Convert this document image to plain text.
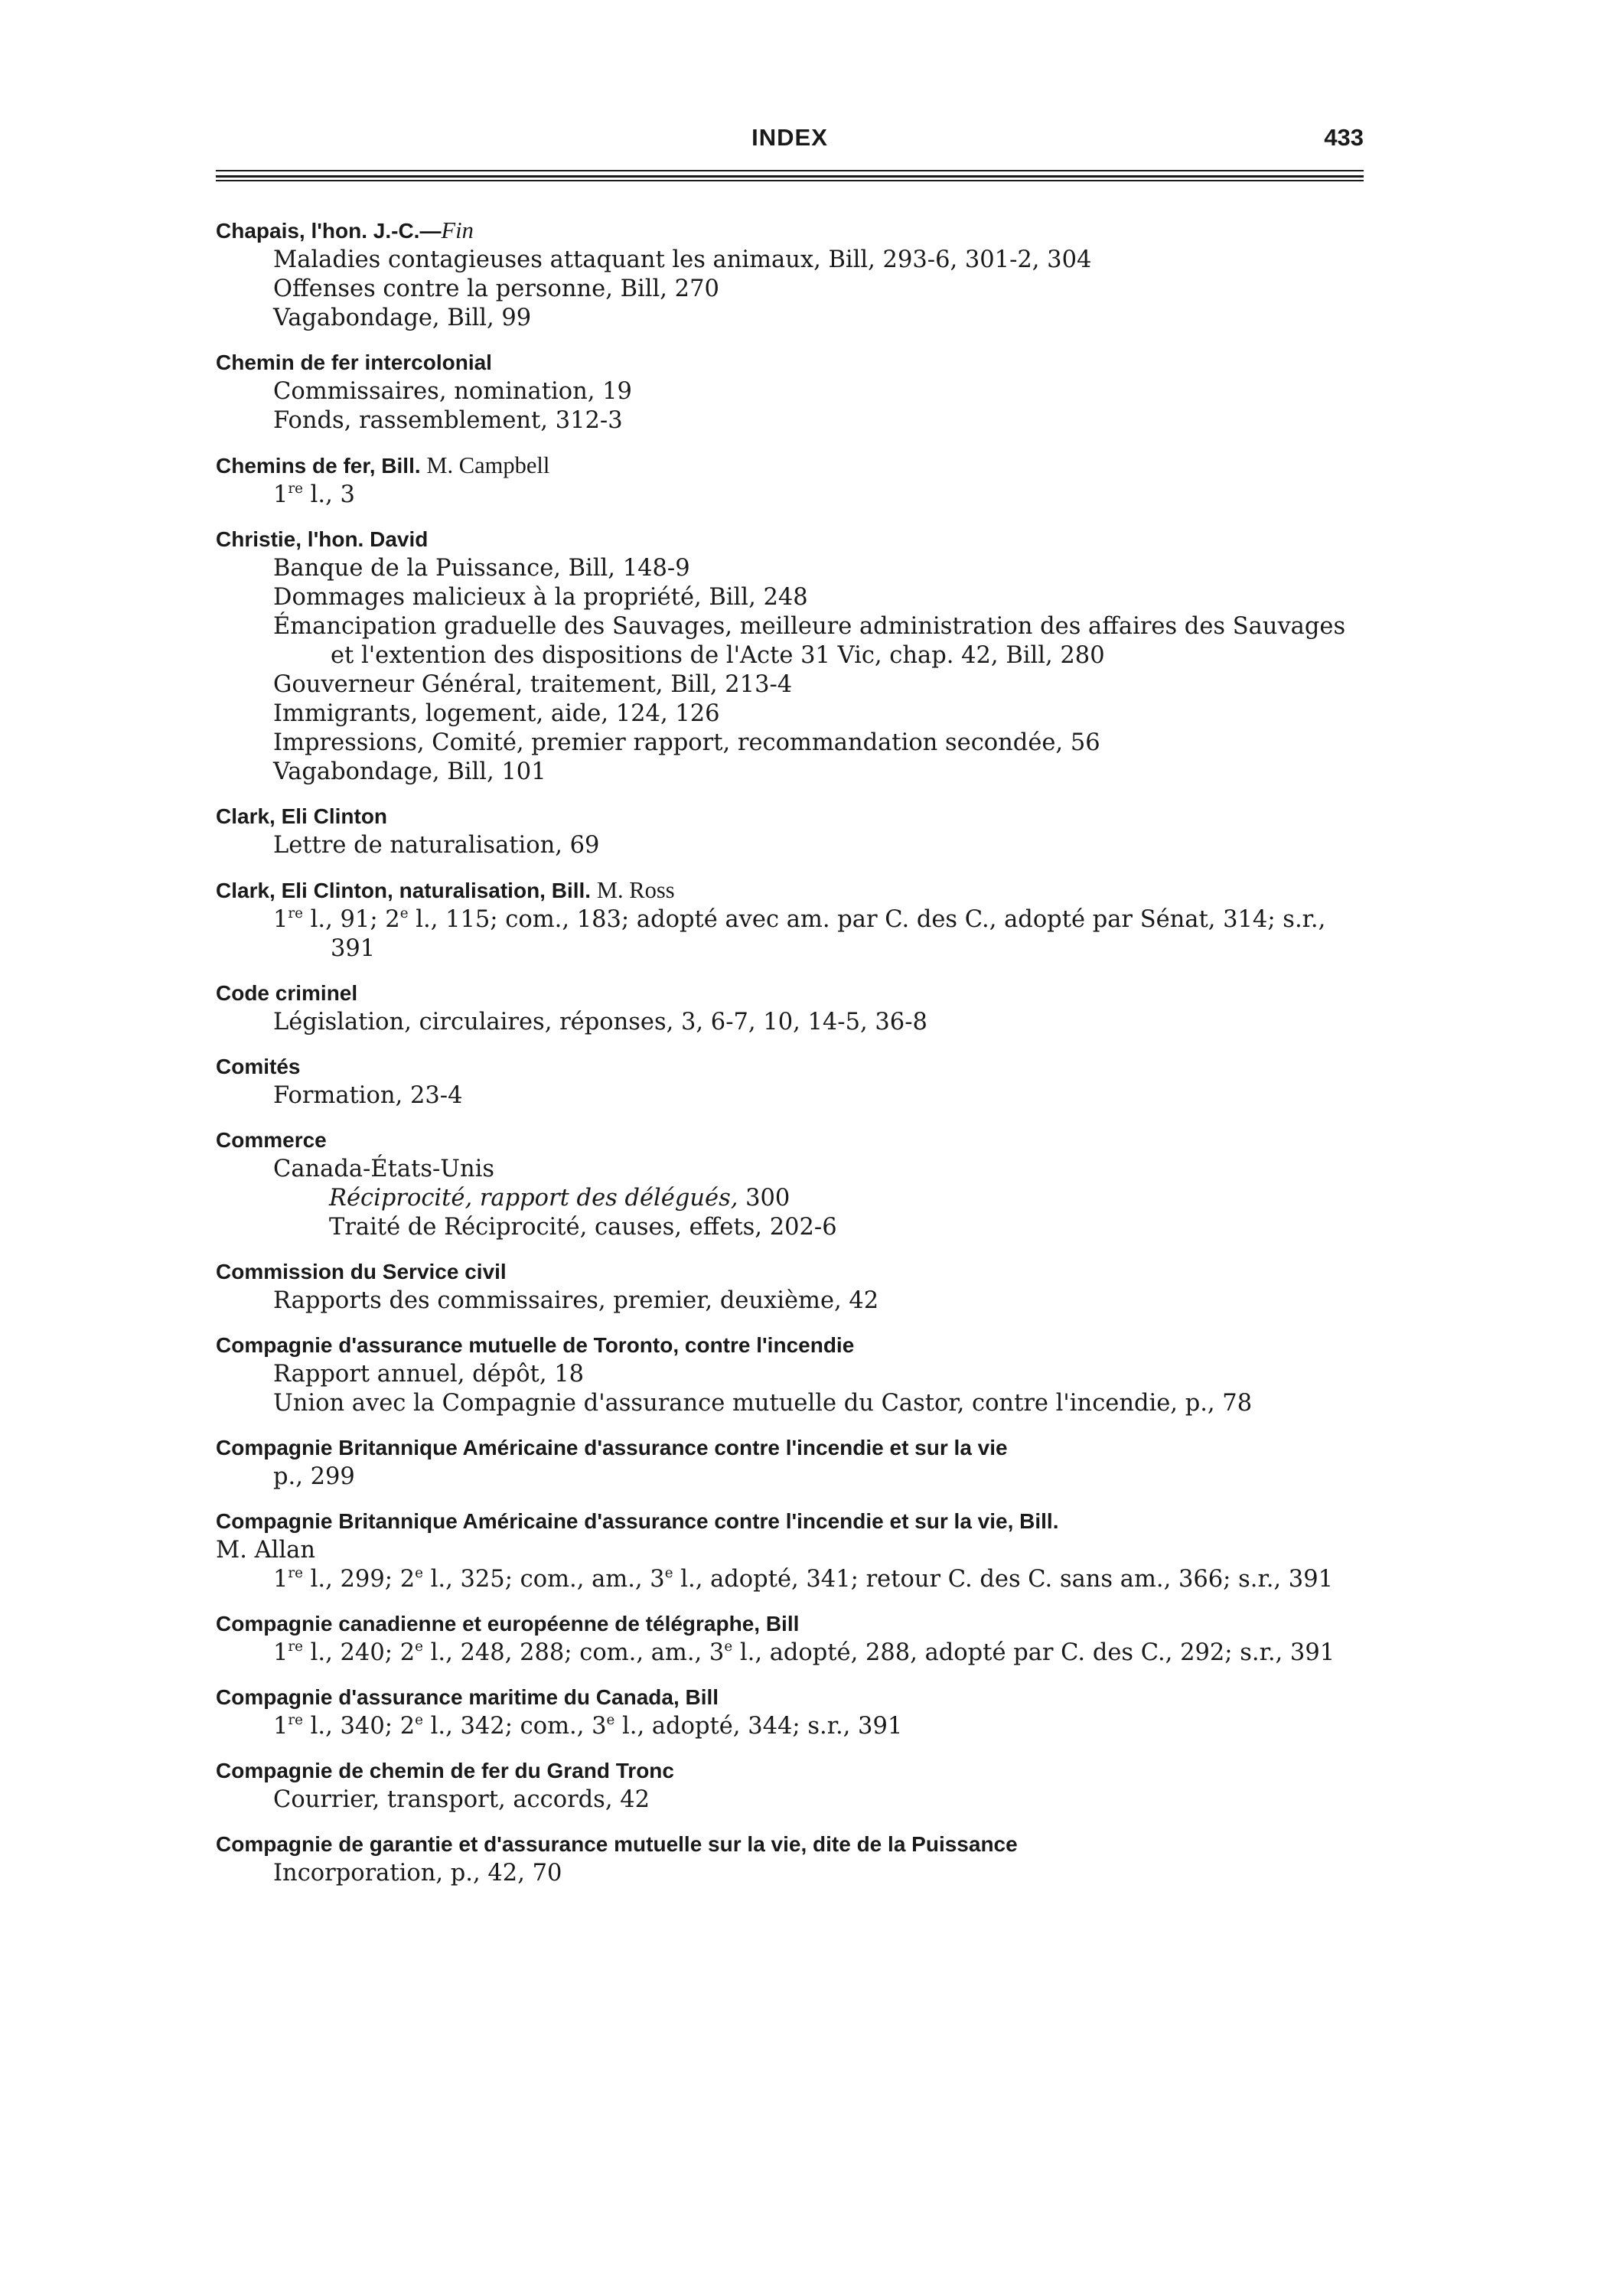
INDEX	433
Chapais, l'hon. J.-C.—Fin
Maladies contagieuses attaquant les animaux, Bill, 293-6, 301-2, 304
Offenses contre la personne, Bill, 270
Vagabondage, Bill, 99
Chemin de fer intercolonial
Commissaires, nomination, 19
Fonds, rassemblement, 312-3
Chemins de fer, Bill. M. Campbell
1re l., 3
Christie, l'hon. David
Banque de la Puissance, Bill, 148-9
Dommages malicieux à la propriété, Bill, 248
Émancipation graduelle des Sauvages, meilleure administration des affaires des Sauvages et l'extention des dispositions de l'Acte 31 Vic, chap. 42, Bill, 280
Gouverneur Général, traitement, Bill, 213-4
Immigrants, logement, aide, 124, 126
Impressions, Comité, premier rapport, recommandation secondée, 56
Vagabondage, Bill, 101
Clark, Eli Clinton
Lettre de naturalisation, 69
Clark, Eli Clinton, naturalisation, Bill. M. Ross
1re l., 91; 2e l., 115; com., 183; adopté avec am. par C. des C., adopté par Sénat, 314; s.r., 391
Code criminel
Législation, circulaires, réponses, 3, 6-7, 10, 14-5, 36-8
Comités
Formation, 23-4
Commerce
Canada-États-Unis
Réciprocité, rapport des délégués, 300
Traité de Réciprocité, causes, effets, 202-6
Commission du Service civil
Rapports des commissaires, premier, deuxième, 42
Compagnie d'assurance mutuelle de Toronto, contre l'incendie
Rapport annuel, dépôt, 18
Union avec la Compagnie d'assurance mutuelle du Castor, contre l'incendie, p., 78
Compagnie Britannique Américaine d'assurance contre l'incendie et sur la vie
p., 299
Compagnie Britannique Américaine d'assurance contre l'incendie et sur la vie, Bill.
M. Allan
1re l., 299; 2e l., 325; com., am., 3e l., adopté, 341; retour C. des C. sans am., 366; s.r., 391
Compagnie canadienne et européenne de télégraphe, Bill
1re l., 240; 2e l., 248, 288; com., am., 3e l., adopté, 288, adopté par C. des C., 292; s.r., 391
Compagnie d'assurance maritime du Canada, Bill
1re l., 340; 2e l., 342; com., 3e l., adopté, 344; s.r., 391
Compagnie de chemin de fer du Grand Tronc
Courrier, transport, accords, 42
Compagnie de garantie et d'assurance mutuelle sur la vie, dite de la Puissance
Incorporation, p., 42, 70
